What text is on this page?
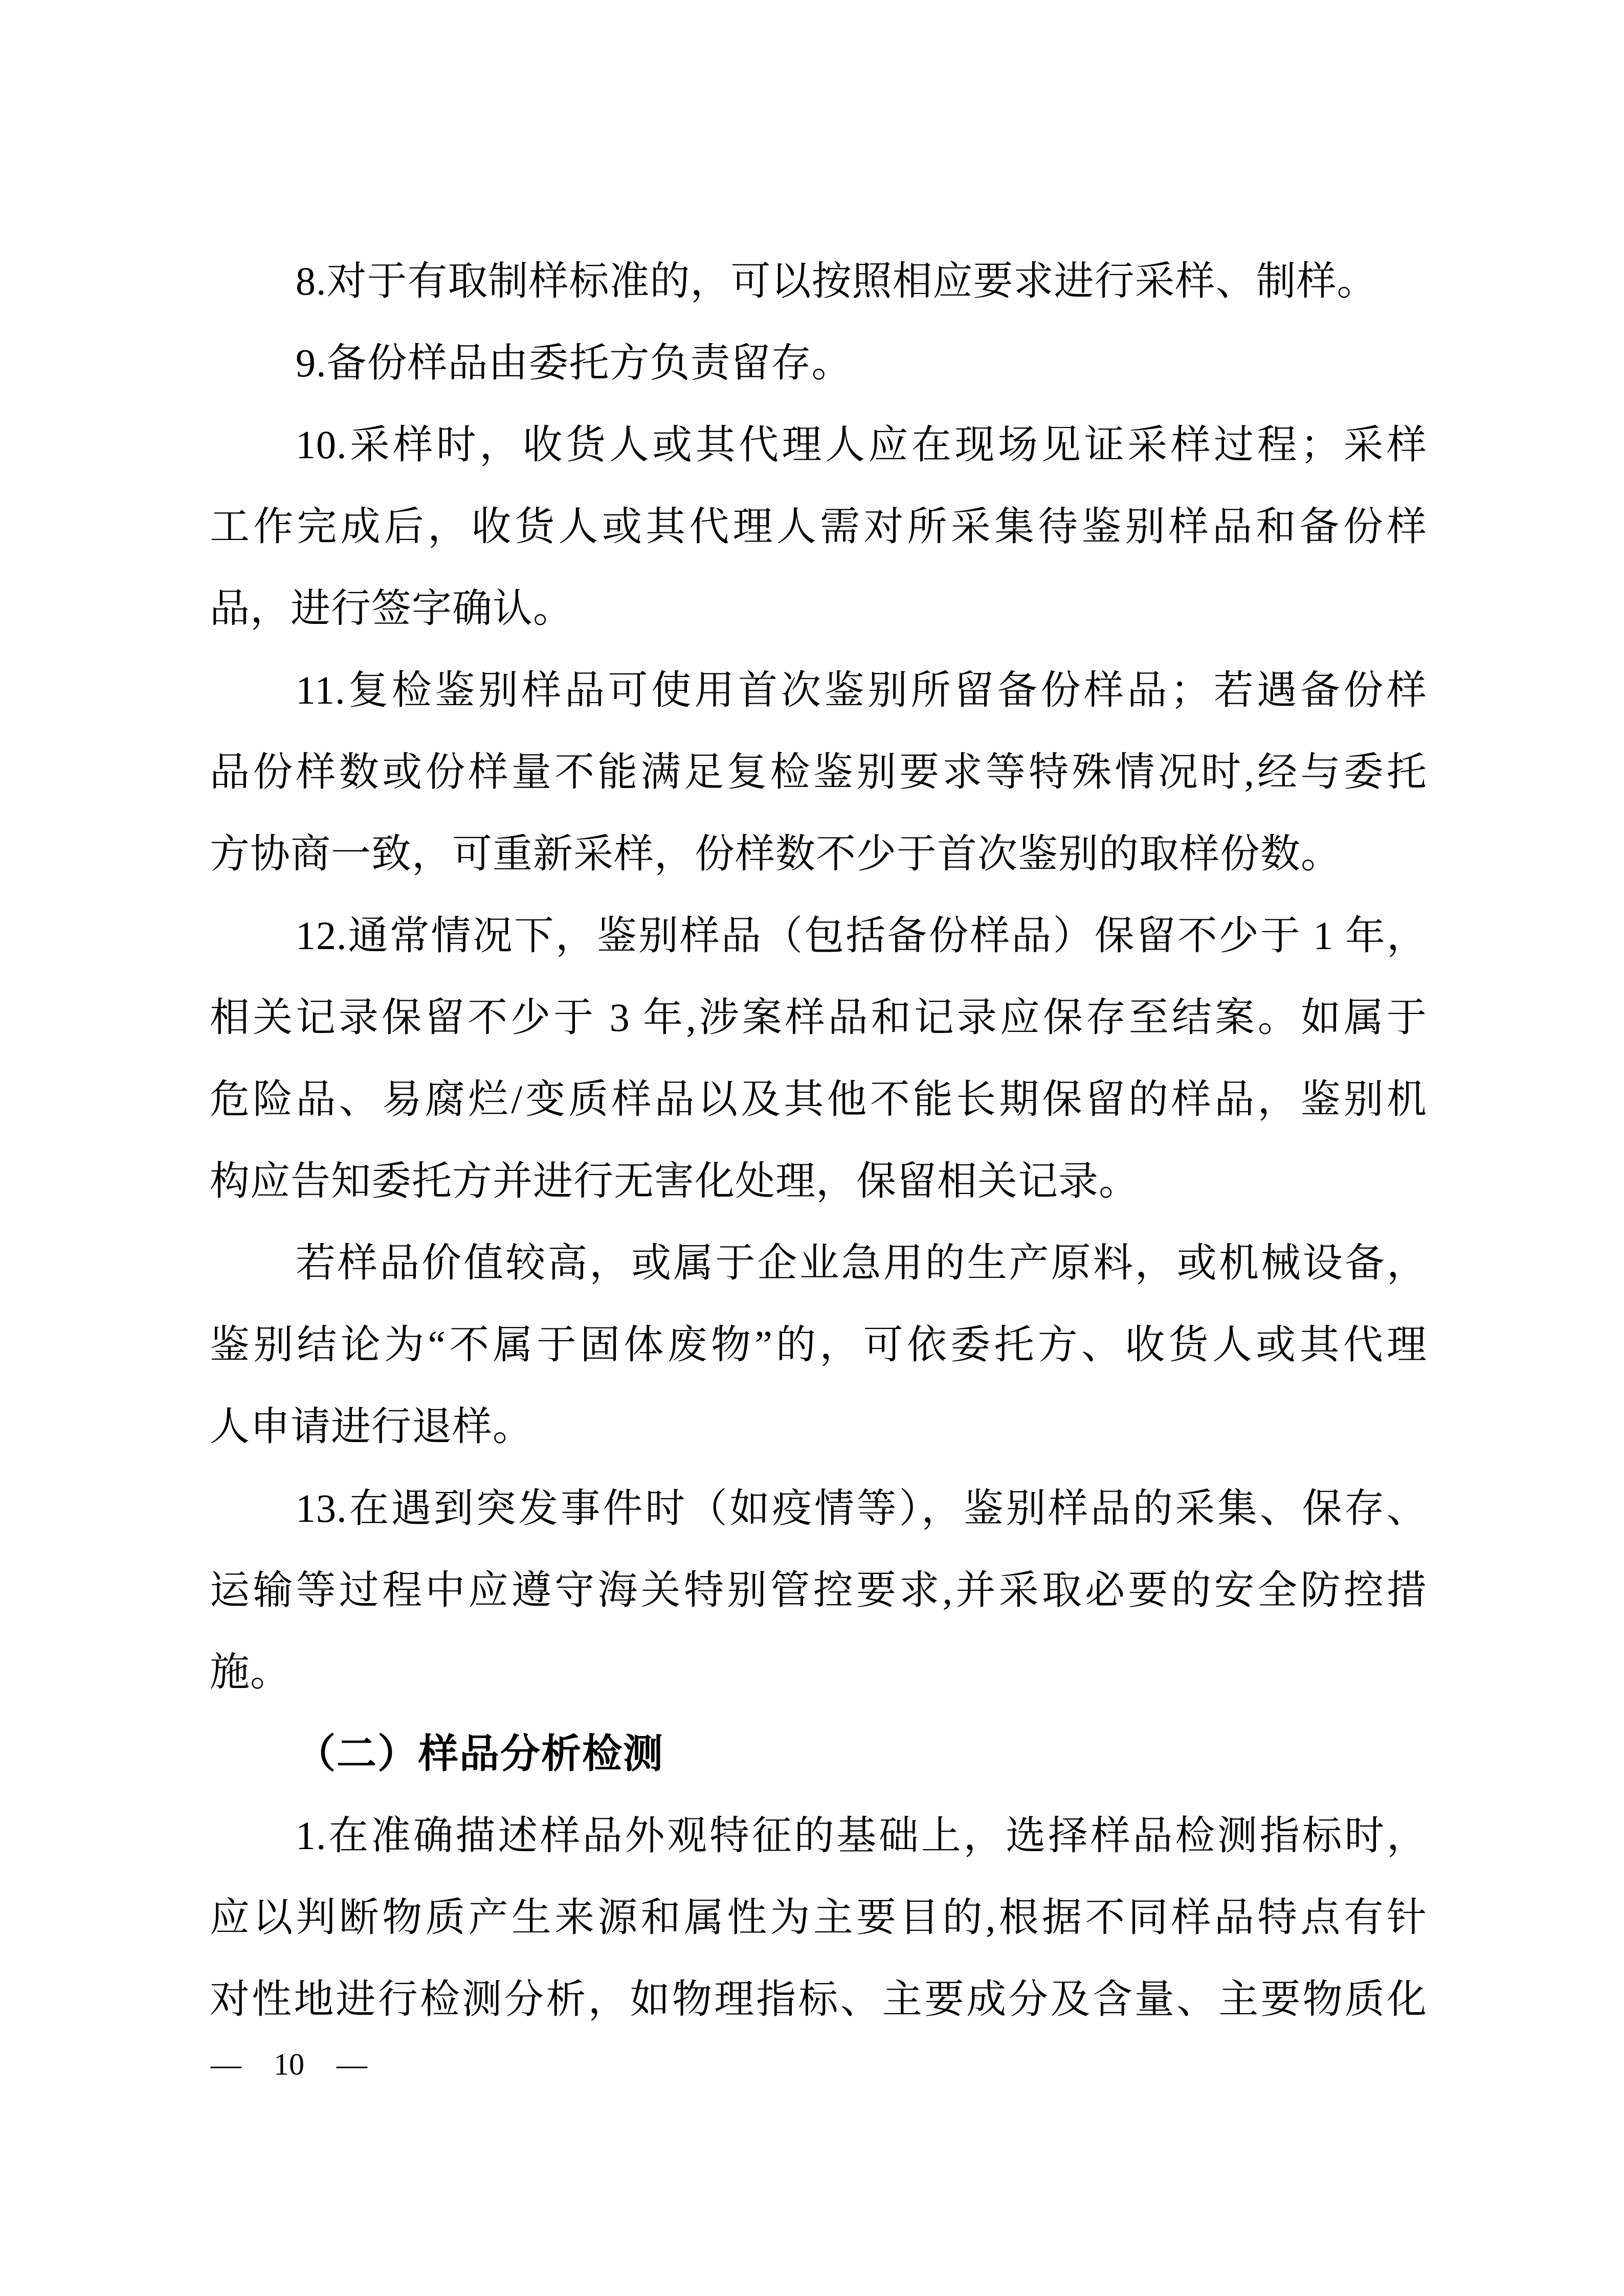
8.对于有取制样标准的，可以按照相应要求进行采样、制样。
9.备份样品由委托方负责留存。
10.采样时，收货人或其代理人应在现场见证采样过程；采样
工作完成后，收货人或其代理人需对所采集待鉴别样品和备份样
品，进行签字确认。
11.复检鉴别样品可使用首次鉴别所留备份样品；若遇备份样
品份样数或份样量不能满足复检鉴别要求等特殊情况时,经与委托
方协商一致，可重新采样，份样数不少于首次鉴别的取样份数。
12.通常情况下，鉴别样品（包括备份样品）保留不少于 1 年，
相关记录保留不少于 3 年,涉案样品和记录应保存至结案。如属于
危险品、易腐烂/变质样品以及其他不能长期保留的样品，鉴别机
构应告知委托方并进行无害化处理，保留相关记录。
若样品价值较高，或属于企业急用的生产原料，或机械设备，
鉴别结论为“不属于固体废物”的，可依委托方、收货人或其代理
人申请进行退样。
13.在遇到突发事件时（如疫情等），鉴别样品的采集、保存、
运输等过程中应遵守海关特别管控要求,并采取必要的安全防控措
施。
（二）样品分析检测
1.在准确描述样品外观特征的基础上，选择样品检测指标时，
应以判断物质产生来源和属性为主要目的,根据不同样品特点有针
对性地进行检测分析，如物理指标、主要成分及含量、主要物质化
— 10 —
